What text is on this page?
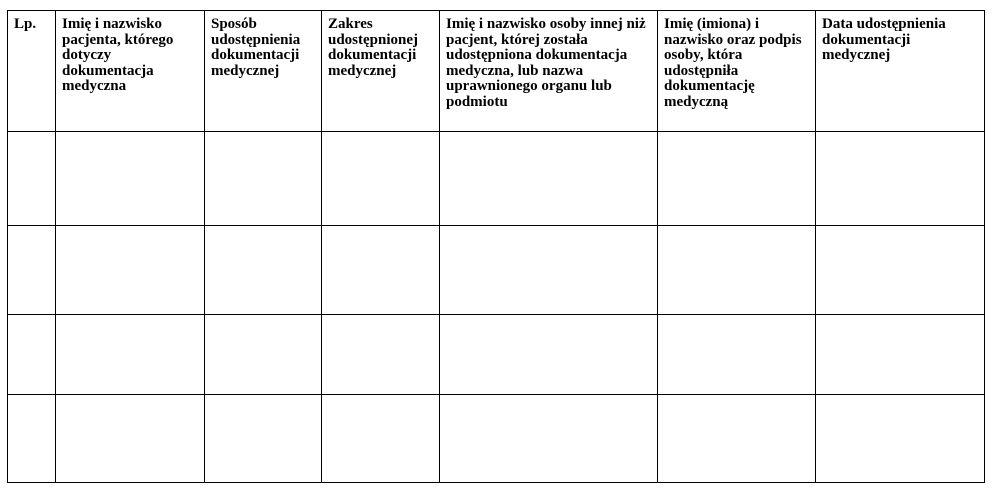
Lp.	Imię i nazwisko pacjenta, którego dotyczy dokumentacja medyczna	Sposób udostępnienia dokumentacji medycznej	Zakres udostępnionej dokumentacji medycznej	Imię i nazwisko osoby innej niż pacjent, której została udostępniona dokumentacja medyczna, lub nazwa uprawnionego organu lub podmiotu	Imię (imiona) i nazwisko oraz podpis osoby, która udostępniła dokumentację medyczną	Data udostępnienia dokumentacji medycznej
